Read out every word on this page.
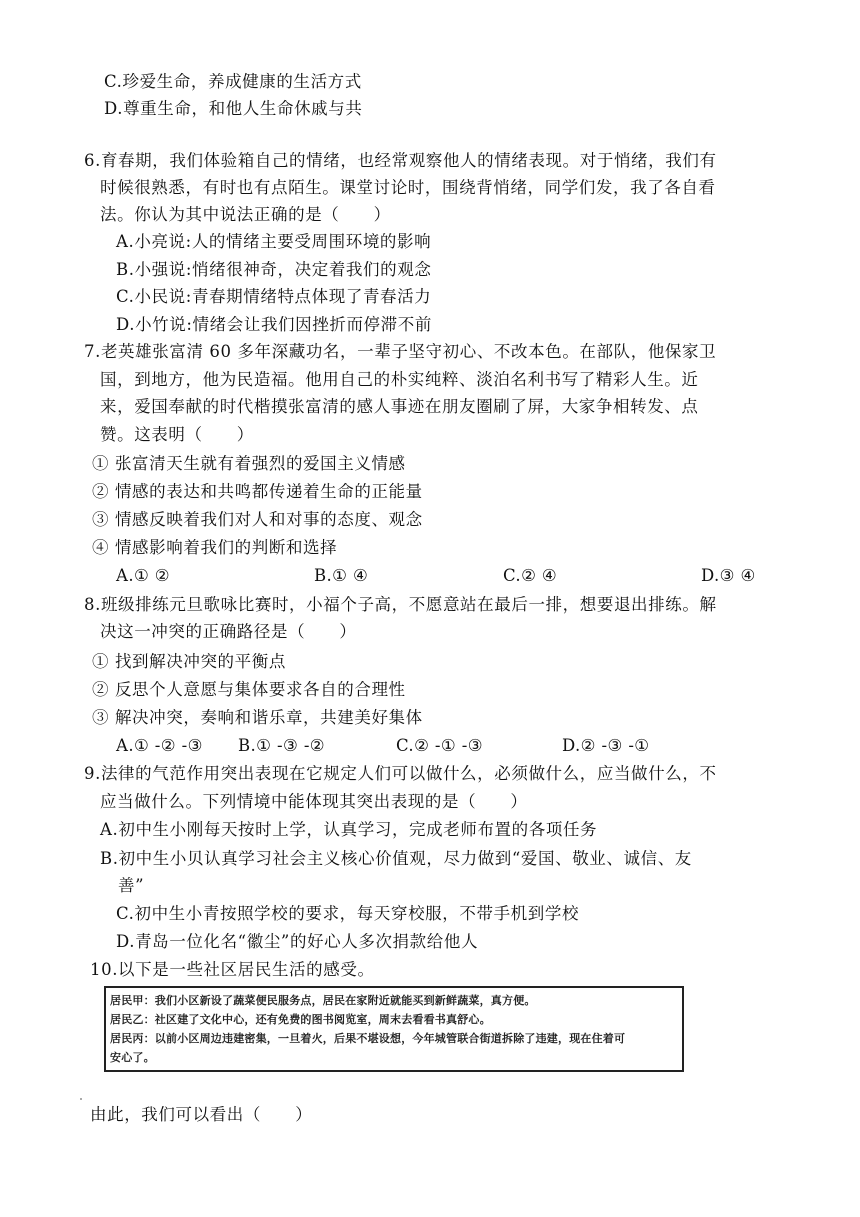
C.珍爱生命，养成健康的生活方式
D.尊重生命，和他人生命休戚与共
6.育春期，我们体验箱自己的情绪，也经常观察他人的情绪表现。对于悄绪，我们有
时候很熟悉，有时也有点陌生。课堂讨论时，围绕背悄绪，同学们发，我了各自看
法。你认为其中说法正确的是（　　）
A.小亮说:人的情绪主要受周围环境的影响
B.小强说:悄绪很神奇，决定着我们的观念
C.小民说:青春期情绪特点体现了青春活力
D.小竹说:情绪会让我们因挫折而停滞不前
7.老英雄张富清 60 多年深藏功名，一辈子坚守初心、不改本色。在部队，他保家卫
国，到地方，他为民造福。他用自己的朴实纯粹、淡泊名利书写了精彩人生。近
来，爱国奉献的时代楷摸张富清的感人事迹在朋友圈刷了屏，大家争相转发、点
赞。这表明（　　）
① 张富清天生就有着强烈的爱国主义情感
② 情感的表达和共鸣都传递着生命的正能量
③ 情感反映着我们对人和对事的态度、观念
④ 情感影响着我们的判断和选择
A.① ②	B.① ④	C.② ④	D.③ ④
8.班级排练元旦歌咏比赛时，小福个子高，不愿意站在最后一排，想要退出排练。解
决这一冲突的正确路径是（　　）
① 找到解决冲突的平衡点
② 反思个人意愿与集体要求各自的合理性
③ 解决冲突，奏响和谐乐章，共建美好集体
A.① -② -③ B.① -③ -②	C.② -① -③	D.② -③ -①
9.法律的气范作用突出表现在它规定人们可以做什么，必须做什么，应当做什么，不
应当做什么。下列情境中能体现其突出表现的是（　　）
A.初中生小刚每天按时上学，认真学习，完成老师布置的各项任务
B.初中生小贝认真学习社会主义核心价值观，尽力做到“爱国、敬业、诚信、友
善”
C.初中生小青按照学校的要求，每天穿校服，不带手机到学校
D.青岛一位化名“徽尘”的好心人多次捐款给他人
10.以下是一些社区居民生活的感受。
居民甲：我们小区新设了蔬菜便民服务点，居民在家附近就能买到新鲜蔬菜，真方便。
居民乙：社区建了文化中心，还有免费的图书阅览室，周末去看看书真舒心。
居民丙：以前小区周边违建密集，一旦着火，后果不堪设想，今年城管联合街道拆除了违建，现在住着可
安心了。
由此，我们可以看出（　　）
